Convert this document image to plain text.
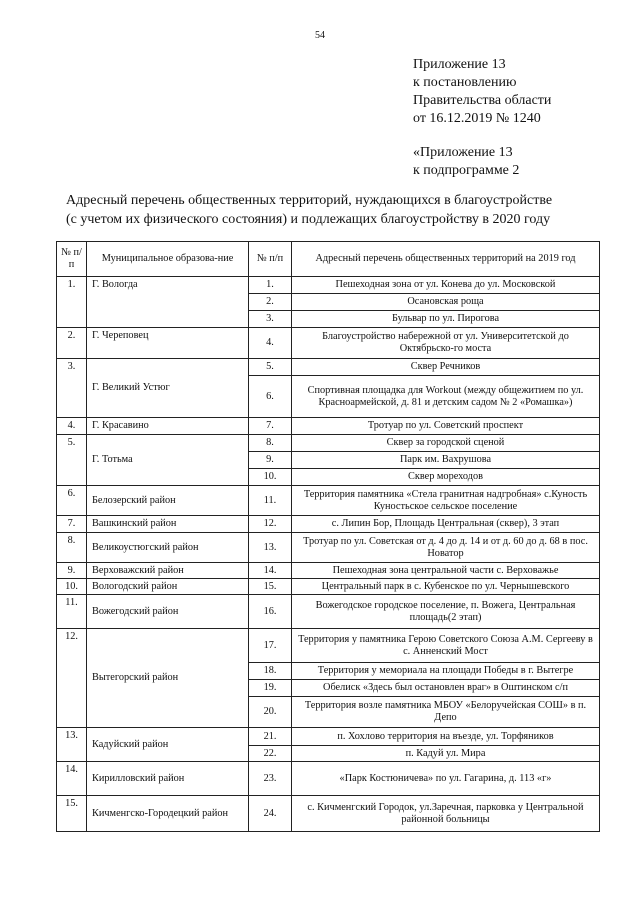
54
Приложение 13
к постановлению
Правительства области
от 16.12.2019 № 1240
«Приложение 13
к подпрограмме 2
Адресный перечень общественных территорий, нуждающихся в благоустройстве
(с учетом их физического состояния) и подлежащих благоустройству в 2020 году
№ п/п	Муниципальное образова-ние	№ п/п	Адресный перечень общественных территорий на 2019 год
1.	Г. Вологда	1.	Пешеходная зона от ул. Конева до ул. Московской
		2.	Осановская роща
		3.	Бульвар по ул. Пирогова
2.	Г. Череповец	4.	Благоустройство набережной от ул. Университетской до Октябрьско-го моста
3.	Г. Великий Устюг	5.	Сквер Речников
		6.	Спортивная площадка для Workout (между общежитием по ул. Красноармейской, д. 81 и детским садом № 2 «Ромашка»)
4.	Г. Красавино	7.	Тротуар по ул. Советский проспект
5.	Г. Тотьма	8.	Сквер за городской сценой
		9.	Парк им. Вахрушова
		10.	Сквер мореходов
6.	Белозерский район	11.	Территория памятника «Стела гранитная надгробная» с.Куность Куностьское сельское поселение
7.	Вашкинский район	12.	с. Липин Бор, Площадь Центральная (сквер), 3 этап
8.	Великоустюгский район	13.	Тротуар по ул. Советская от д. 4 до д. 14 и от д. 60 до д. 68 в пос. Новатор
9.	Верховажский район	14.	Пешеходная зона центральной части с. Верховажье
10.	Вологодский район	15.	Центральный парк в с. Кубенское по ул. Чернышевского
11.	Вожегодский район	16.	Вожегодское городское поселение, п. Вожега, Центральная площадь(2 этап)
12.	Вытегорский район	17.	Территория у памятника Герою Советского Союза А.М. Сергееву в с. Анненский Мост
		18.	Территория у мемориала на площади Победы в г. Вытегре
		19.	Обелиск «Здесь был остановлен враг» в Оштинском с/п
		20.	Территория возле памятника МБОУ «Белоручейская СОШ» в п. Депо
13.	Кадуйский район	21.	п. Хохлово территория на въезде, ул. Торфяников
		22.	п. Кадуй ул. Мира
14.	Кирилловский район	23.	«Парк Костюничева» по ул. Гагарина, д. 113 «г»
15.	Кичменгско-Городецкий район	24.	с. Кичменгский Городок, ул.Заречная, парковка у Центральной районной больницы
